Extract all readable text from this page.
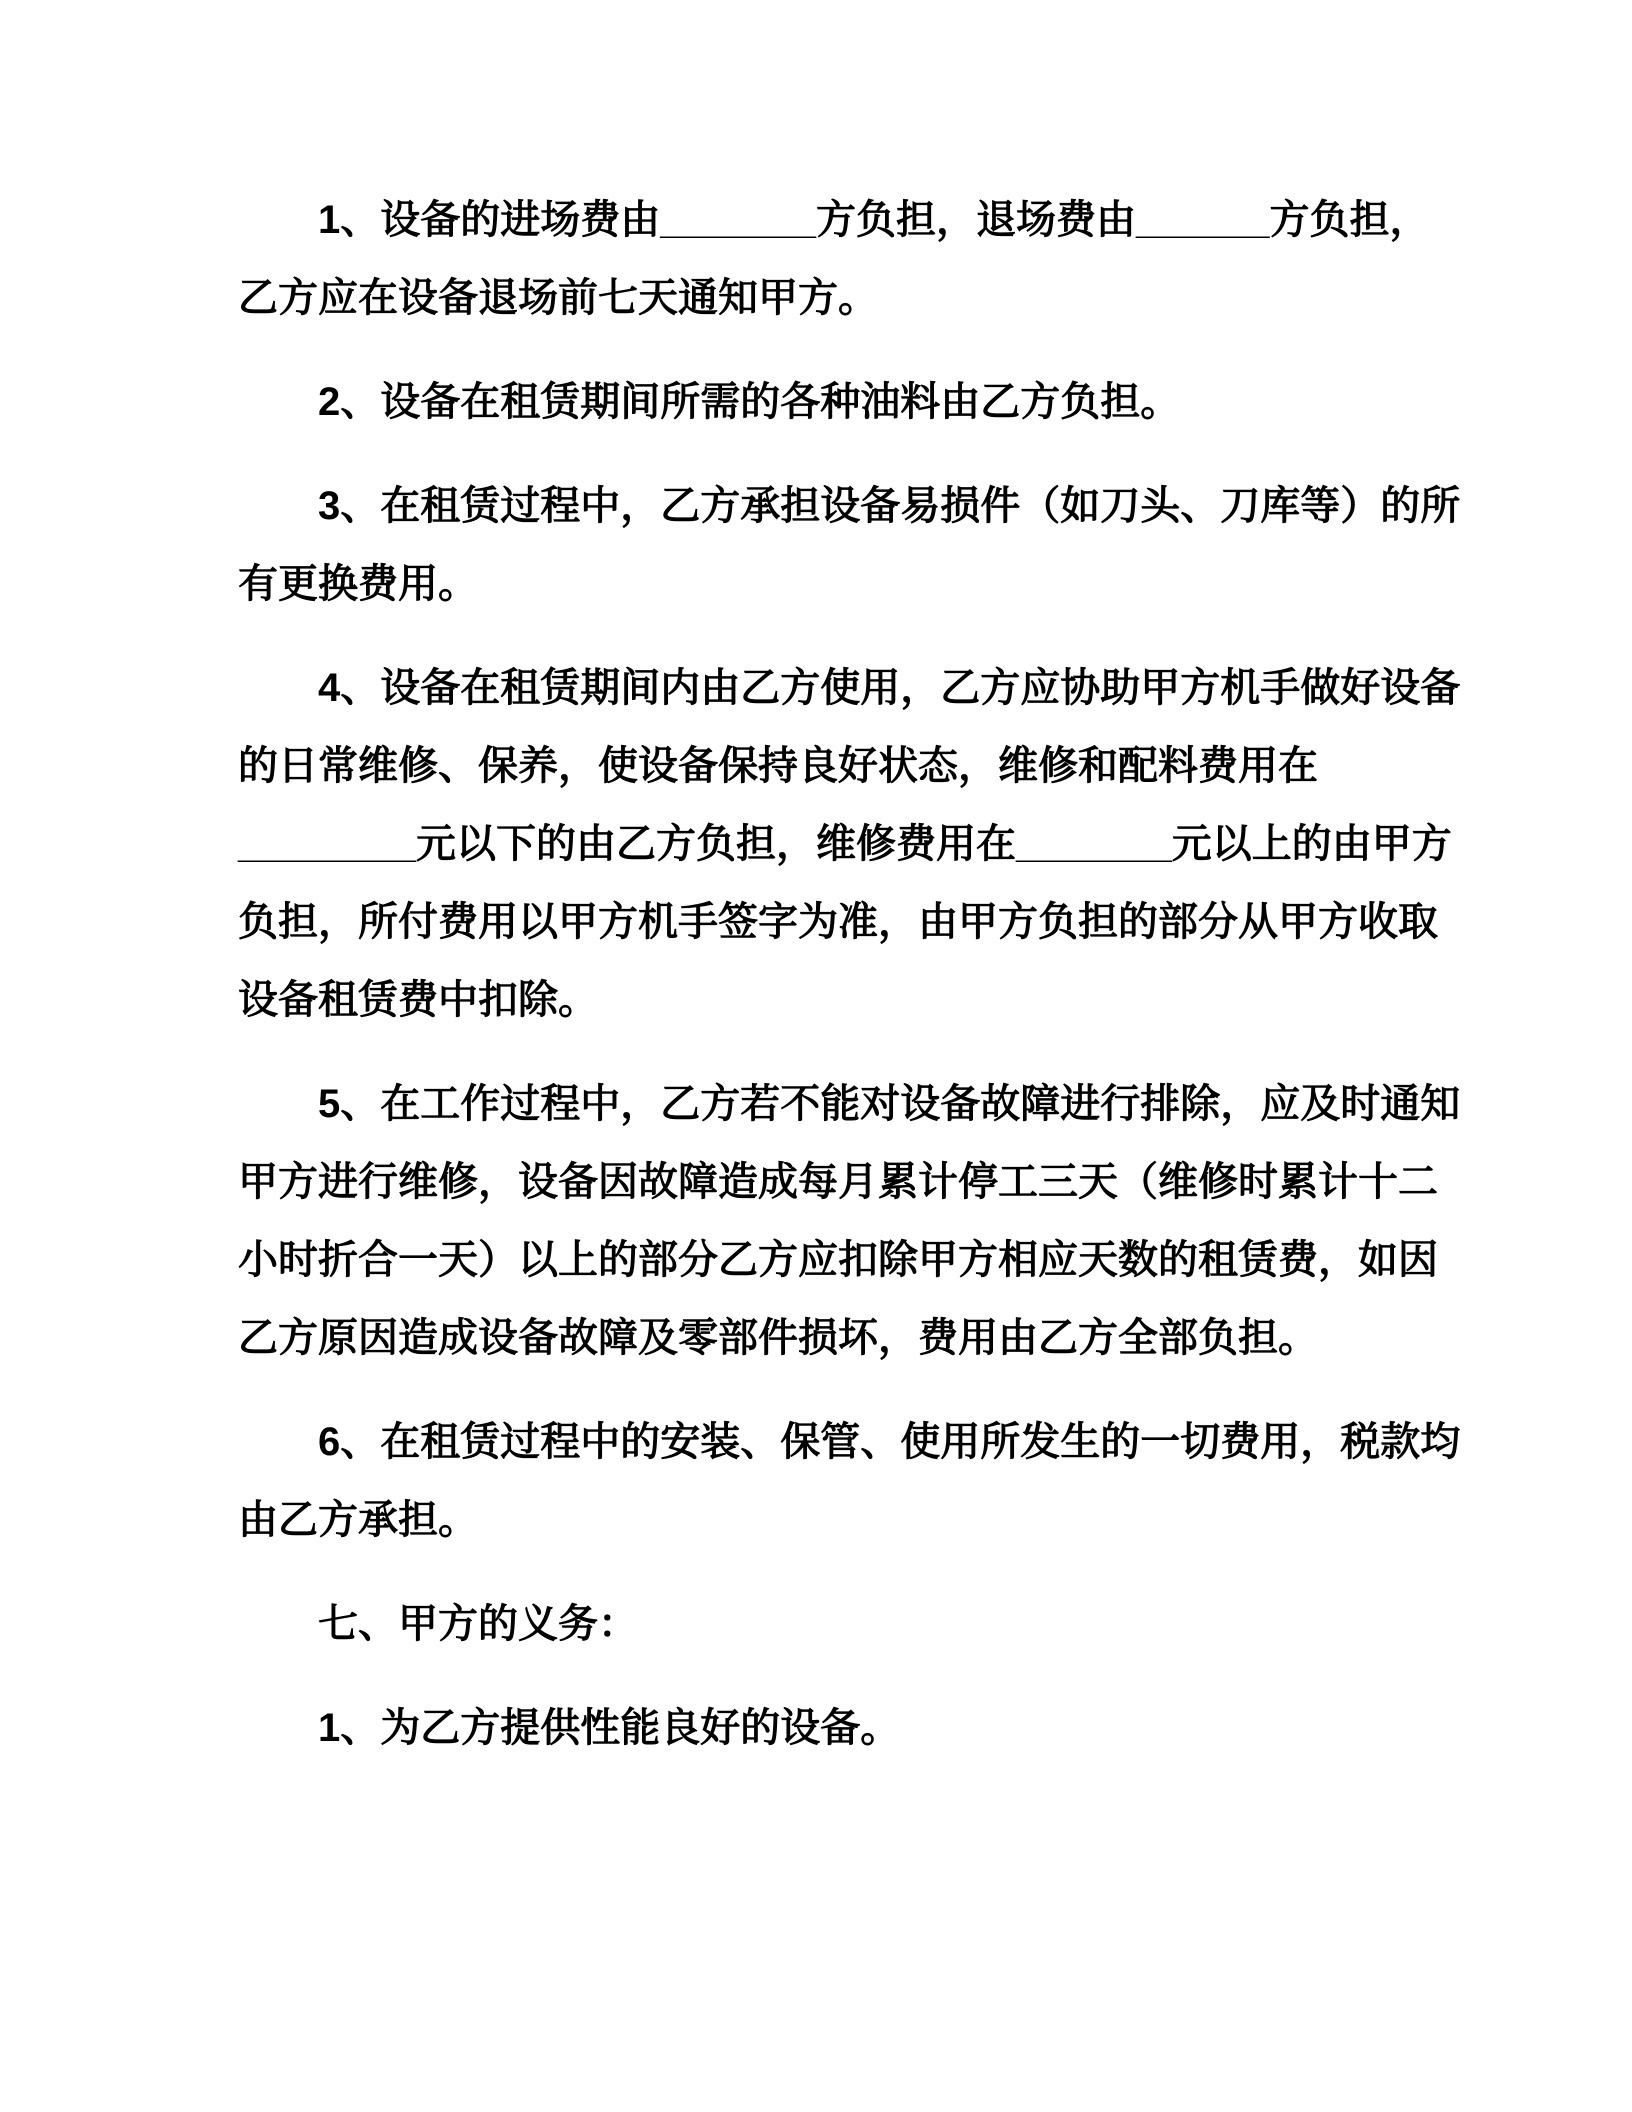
1、设备的进场费由_______方负担，退场费由______方负担，
乙方应在设备退场前七天通知甲方。
2、设备在租赁期间所需的各种油料由乙方负担。
3、在租赁过程中，乙方承担设备易损件（如刀头、刀库等）的所
有更换费用。
4、设备在租赁期间内由乙方使用，乙方应协助甲方机手做好设备
的日常维修、保养，使设备保持良好状态，维修和配料费用在
________元以下的由乙方负担，维修费用在_______元以上的由甲方
负担，所付费用以甲方机手签字为准，由甲方负担的部分从甲方收取
设备租赁费中扣除。
5、在工作过程中，乙方若不能对设备故障进行排除，应及时通知
甲方进行维修，设备因故障造成每月累计停工三天（维修时累计十二
小时折合一天）以上的部分乙方应扣除甲方相应天数的租赁费，如因
乙方原因造成设备故障及零部件损坏，费用由乙方全部负担。
6、在租赁过程中的安装、保管、使用所发生的一切费用，税款均
由乙方承担。
七、甲方的义务：
1、为乙方提供性能良好的设备。
